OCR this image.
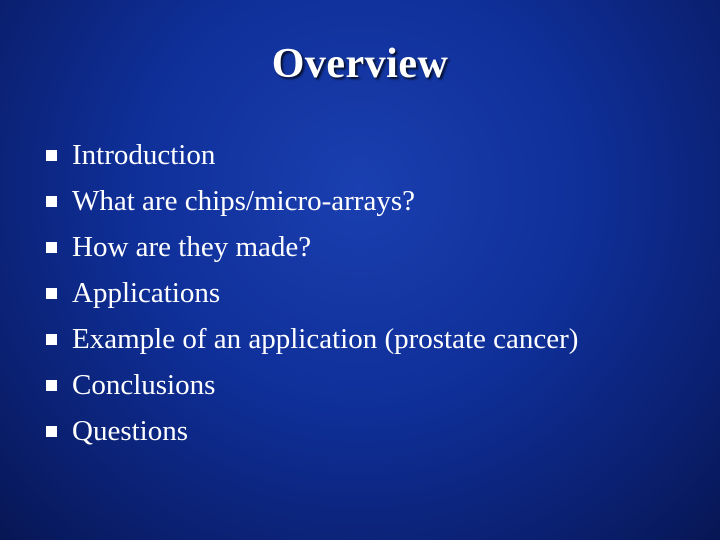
Overview
Introduction
What are chips/micro-arrays?
How are they made?
Applications
Example of an application (prostate cancer)
Conclusions
Questions
